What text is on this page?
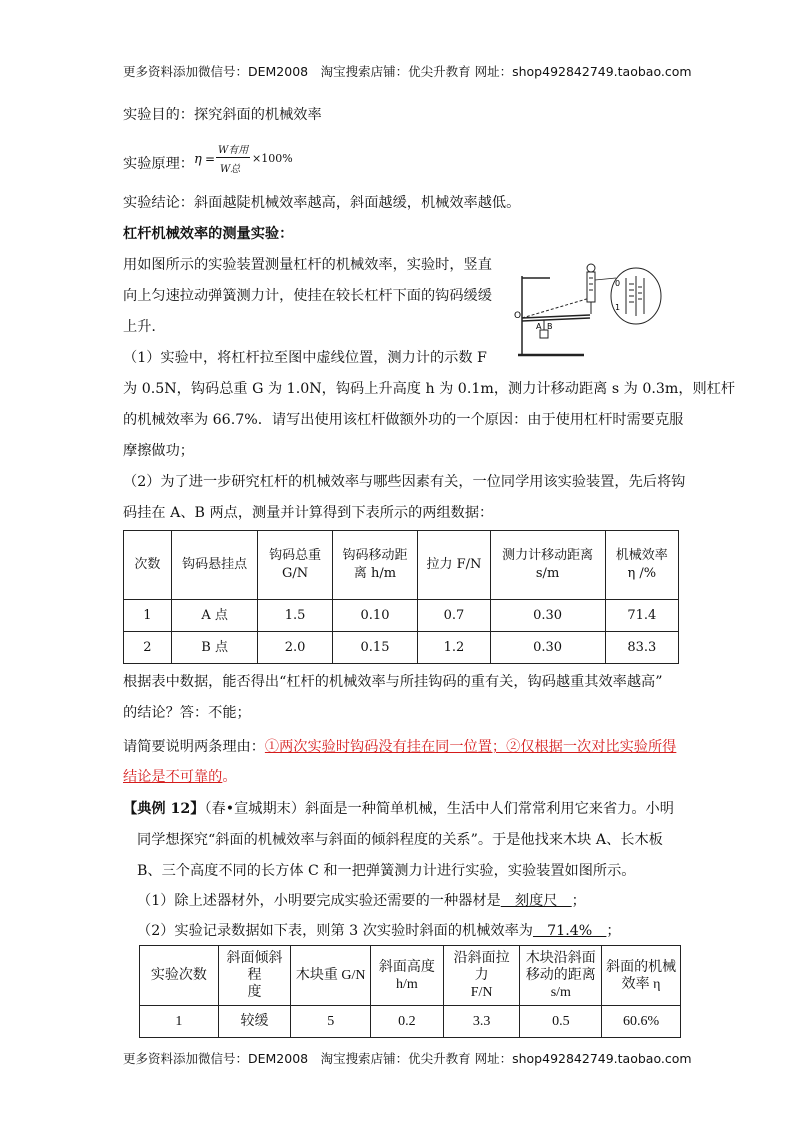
更多资料添加微信号：DEM2008　淘宝搜索店铺：优尖升教育 网址：shop492842749.taobao.com
实验目的：探究斜面的机械效率
实验原理： η =
W有用
W总
×100%
实验结论：斜面越陡机械效率越高，斜面越缓，机械效率越低。
杠杆机械效率的测量实验：
用如图所示的实验装置测量杠杆的机械效率，实验时，竖直
向上匀速拉动弹簧测力计，使挂在较长杠杆下面的钩码缓缓
上升.
O
A B
0
1
（1）实验中，将杠杆拉至图中虚线位置，测力计的示数 F
为 0.5N，钩码总重 G 为 1.0N，钩码上升高度 h 为 0.1m，测力计移动距离 s 为 0.3m，则杠杆
的机械效率为 66.7%．请写出使用该杠杆做额外功的一个原因：由于使用杠杆时需要克服
摩擦做功；
（2）为了进一步研究杠杆的机械效率与哪些因素有关，一位同学用该实验装置，先后将钩
码挂在 A、B 两点，测量并计算得到下表所示的两组数据：
次数	钩码悬挂点	钩码总重
G/N	钩码移动距
离 h/m	拉力 F/N	测力计移动距离
s/m	机械效率
η /%
1	A 点	1.5	0.10	0.7	0.30	71.4
2	B 点	2.0	0.15	1.2	0.30	83.3
根据表中数据，能否得出“杠杆的机械效率与所挂钩码的重有关，钩码越重其效率越高”
的结论？答：不能；
请简要说明两条理由：①两次实验时钩码没有挂在同一位置；②仅根据一次对比实验所得
结论是不可靠的。
【典例 12】（春•宣城期末）斜面是一种简单机械，生活中人们常常利用它来省力。小明
同学想探究“斜面的机械效率与斜面的倾斜程度的关系”。于是他找来木块 A、长木板
B、三个高度不同的长方体 C 和一把弹簧测力计进行实验，实验装置如图所示。
（1）除上述器材外，小明要完成实验还需要的一种器材是　刻度尺　；
（2）实验记录数据如下表，则第 3 次实验时斜面的机械效率为　71.4%　；
实验次数	斜面倾斜程
度	木块重 G/N	斜面高度
h/m	沿斜面拉力
F/N	木块沿斜面
移动的距离
s/m	斜面的机械
效率 η
1	较缓	5	0.2	3.3	0.5	60.6%
更多资料添加微信号：DEM2008　淘宝搜索店铺：优尖升教育 网址：shop492842749.taobao.com
